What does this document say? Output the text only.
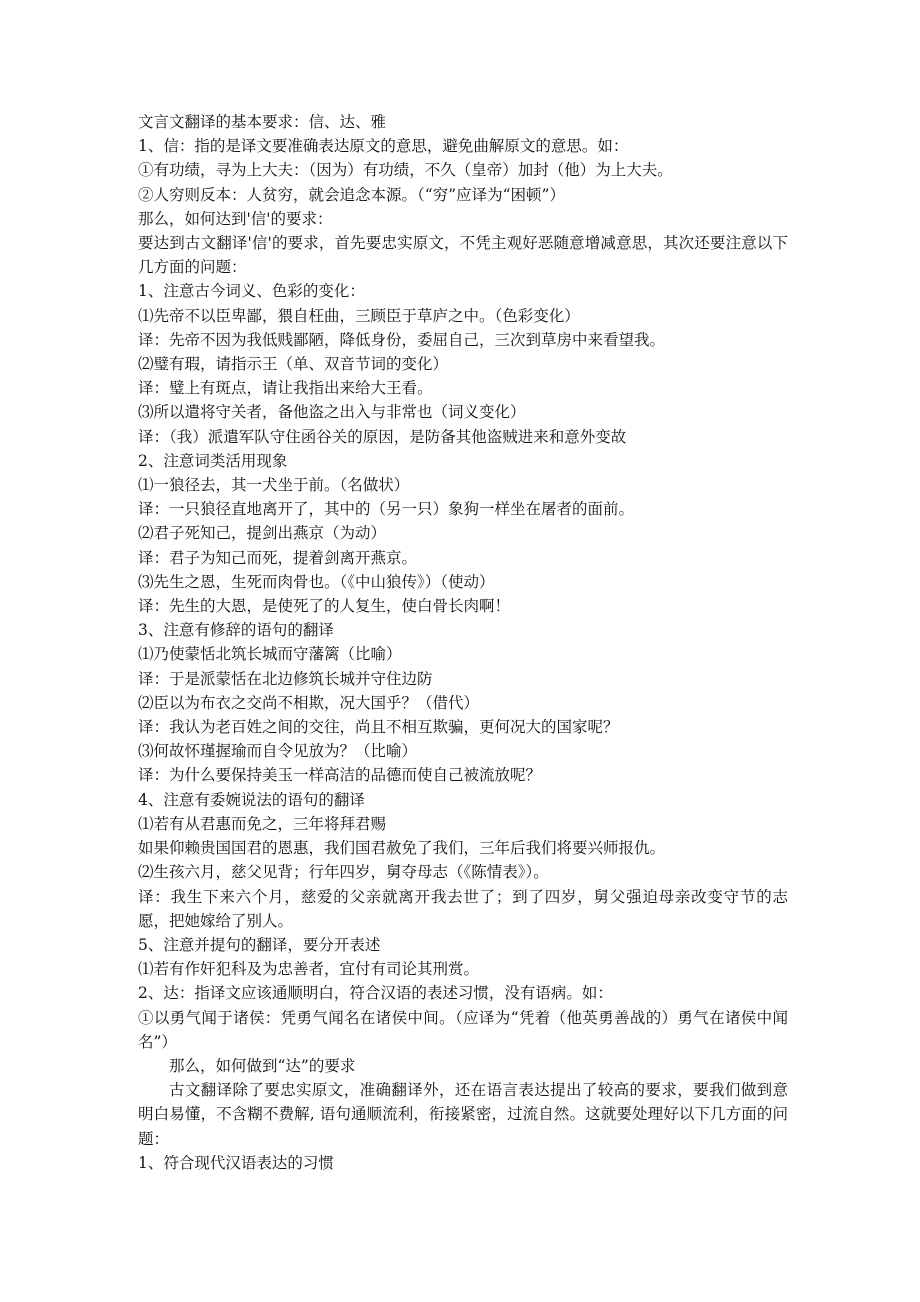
文言文翻译的基本要求：信、达、雅
1、信：指的是译文要准确表达原文的意思，避免曲解原文的意思。如：
①有功绩，寻为上大夫：（因为）有功绩，不久（皇帝）加封（他）为上大夫。
②人穷则反本：人贫穷，就会追念本源。（“穷”应译为“困顿”）
那么，如何达到'信'的要求：
要达到古文翻译'信'的要求，首先要忠实原文，不凭主观好恶随意增减意思，其次还要注意以下几方面的问题：
1、注意古今词义、色彩的变化：
⑴先帝不以臣卑鄙，猥自枉曲，三顾臣于草庐之中。（色彩变化）
译：先帝不因为我低贱鄙陋，降低身份，委屈自己，三次到草房中来看望我。
⑵璧有瑕，请指示王（单、双音节词的变化）
译：璧上有斑点，请让我指出来给大王看。
⑶所以遣将守关者，备他盗之出入与非常也（词义变化）
译：（我）派遣军队守住函谷关的原因，是防备其他盗贼进来和意外变故
2、注意词类活用现象
⑴一狼径去，其一犬坐于前。（名做状）
译：一只狼径直地离开了，其中的（另一只）象狗一样坐在屠者的面前。
⑵君子死知己，提剑出燕京（为动）
译：君子为知己而死，提着剑离开燕京。
⑶先生之恩，生死而肉骨也。（《中山狼传》）（使动）
译：先生的大恩，是使死了的人复生，使白骨长肉啊！
3、注意有修辞的语句的翻译
⑴乃使蒙恬北筑长城而守藩篱（比喻）
译：于是派蒙恬在北边修筑长城并守住边防
⑵臣以为布衣之交尚不相欺，况大国乎？（借代）
译：我认为老百姓之间的交往，尚且不相互欺骗，更何况大的国家呢？
⑶何故怀瑾握瑜而自令见放为？（比喻）
译：为什么要保持美玉一样高洁的品德而使自己被流放呢？
4、注意有委婉说法的语句的翻译
⑴若有从君惠而免之，三年将拜君赐
如果仰赖贵国国君的恩惠，我们国君赦免了我们，三年后我们将要兴师报仇。
⑵生孩六月，慈父见背；行年四岁，舅夺母志（《陈情表》）。
译：我生下来六个月，慈爱的父亲就离开我去世了；到了四岁，舅父强迫母亲改变守节的志愿，把她嫁给了别人。
5、注意并提句的翻译，要分开表述
⑴若有作奸犯科及为忠善者，宜付有司论其刑赏。
2、达：指译文应该通顺明白，符合汉语的表述习惯，没有语病。如：
①以勇气闻于诸侯：凭勇气闻名在诸侯中间。（应译为“凭着（他英勇善战的）勇气在诸侯中闻名”）
那么，如何做到“达”的要求
古文翻译除了要忠实原文，准确翻译外，还在语言表达提出了较高的要求，要我们做到意明白易懂，不含糊不费解, 语句通顺流利，衔接紧密，过流自然。这就要处理好以下几方面的问题：
1、符合现代汉语表达的习惯
